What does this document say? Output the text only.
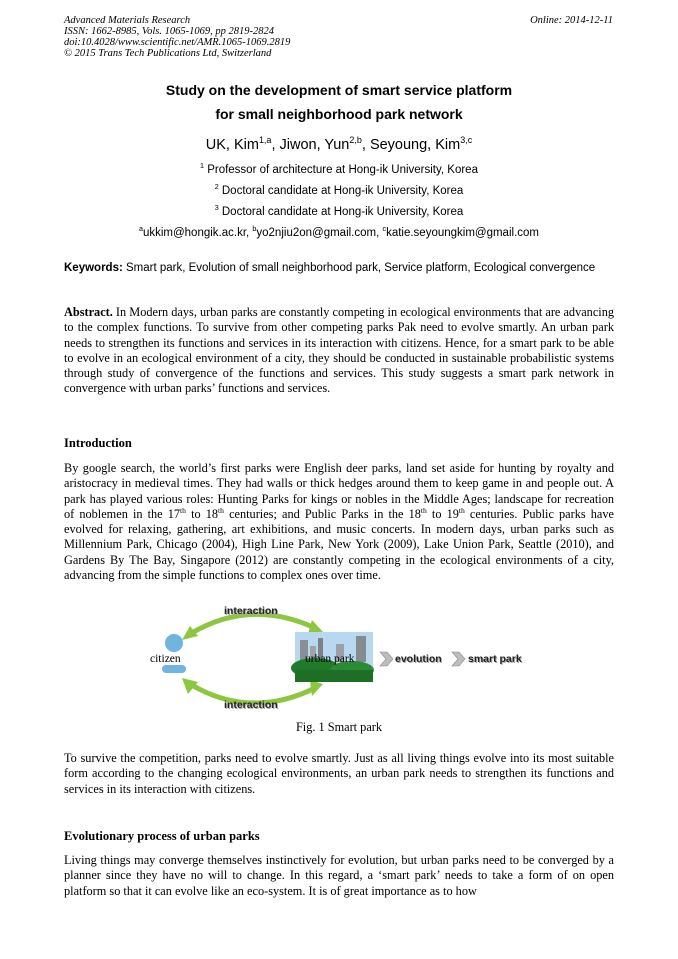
Advanced Materials Research
ISSN: 1662-8985, Vols. 1065-1069, pp 2819-2824
doi:10.4028/www.scientific.net/AMR.1065-1069.2819
© 2015 Trans Tech Publications Ltd, Switzerland
Online: 2014-12-11
Study on the development of smart service platform
for small neighborhood park network
UK, Kim$^{1,a}$, Jiwon, Yun$^{2,b}$, Seyoung, Kim$^{3,c}$
$^1$ Professor of architecture at Hong-ik University, Korea
$^2$ Doctoral candidate at Hong-ik University, Korea
$^3$ Doctoral candidate at Hong-ik University, Korea
$^a$ukkim@hongik.ac.kr, $^b$yo2njiu2on@gmail.com, $^c$katie.seyoungkim@gmail.com
Keywords: Smart park, Evolution of small neighborhood park, Service platform, Ecological convergence
Abstract. In Modern days, urban parks are constantly competing in ecological environments that are advancing to the complex functions. To survive from other competing parks Pak need to evolve smartly. An urban park needs to strengthen its functions and services in its interaction with citizens. Hence, for a smart park to be able to evolve in an ecological environment of a city, they should be conducted in sustainable probabilistic systems through study of convergence of the functions and services. This study suggests a smart park network in convergence with urban parks’ functions and services.
Introduction
By google search, the world’s first parks were English deer parks, land set aside for hunting by royalty and aristocracy in medieval times. They had walls or thick hedges around them to keep game in and people out. A park has played various roles: Hunting Parks for kings or nobles in the Middle Ages; landscape for recreation of noblemen in the 17th to 18th centuries; and Public Parks in the 18th to 19th centuries. Public parks have evolved for relaxing, gathering, art exhibitions, and music concerts. In modern days, urban parks such as Millennium Park, Chicago (2004), High Line Park, New York (2009), Lake Union Park, Seattle (2010), and Gardens By The Bay, Singapore (2012) are constantly competing in the ecological environments of a city, advancing from the simple functions to complex ones over time.
interaction
interaction
citizen	urban park	evolution	smart park
Fig. 1 Smart park
To survive the competition, parks need to evolve smartly. Just as all living things evolve into its most suitable form according to the changing ecological environments, an urban park needs to strengthen its functions and services in its interaction with citizens.
Evolutionary process of urban parks
Living things may converge themselves instinctively for evolution, but urban parks need to be converged by a planner since they have no will to change. In this regard, a ‘smart park’ needs to take a form of on open platform so that it can evolve like an eco-system. It is of great importance as to how
